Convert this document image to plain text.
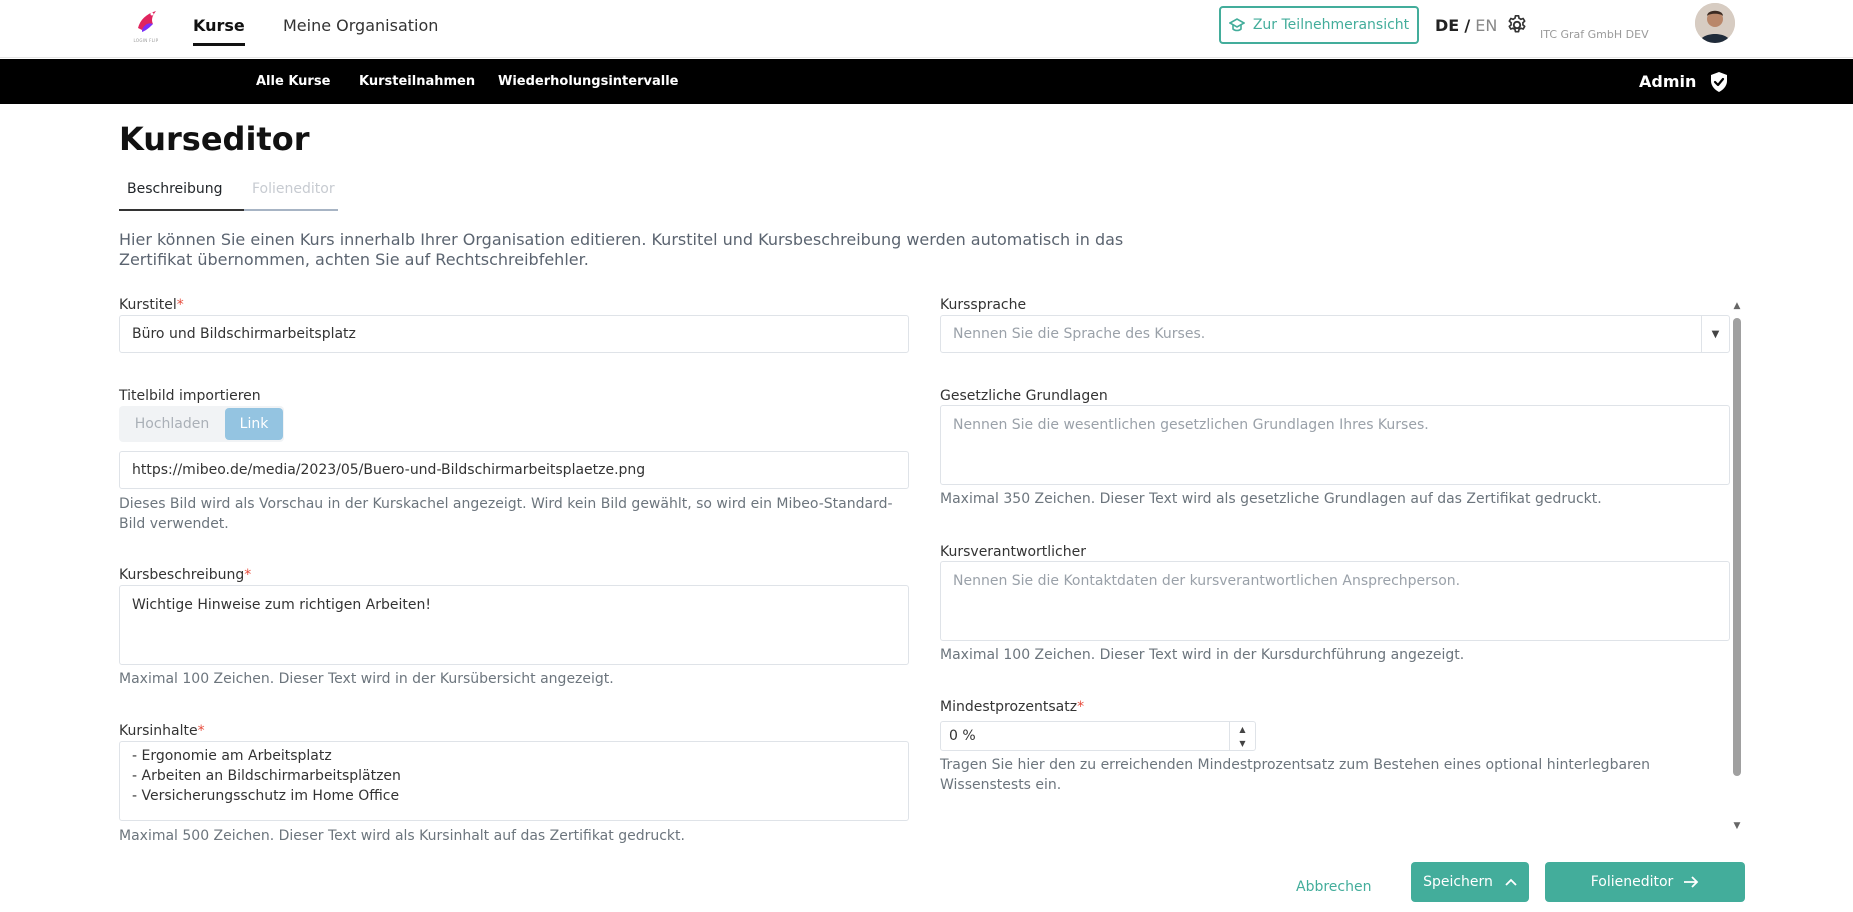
LOGIN FLIP
Kurse Meine Organisation	Zur Teilnehmeransicht DE / EN	ITC Graf GmbH DEV
Alle Kurse Kursteilnahmen Wiederholungsintervalle	Admin
Kurseditor
Beschreibung	Folieneditor

Hier können Sie einen Kurs innerhalb Ihrer Organisation editieren. Kurstitel und Kursbeschreibung werden automatisch in das Zertifikat übernommen, achten Sie auf Rechtschreibfehler.

Kurstitel*
Büro und Bildschirmarbeitsplatz
Titelbild importieren
Hochladen	Link
https://mibeo.de/media/2023/05/Buero-und-Bildschirmarbeitsplaetze.png
Dieses Bild wird als Vorschau in der Kurskachel angezeigt. Wird kein Bild gewählt, so wird ein Mibeo-Standard-Bild verwendet.
Kursbeschreibung*
Wichtige Hinweise zum richtigen Arbeiten!
Maximal 100 Zeichen. Dieser Text wird in der Kursübersicht angezeigt.
Kursinhalte*
- Ergonomie am Arbeitsplatz
- Arbeiten an Bildschirmarbeitsplätzen
- Versicherungsschutz im Home Office
Maximal 500 Zeichen. Dieser Text wird als Kursinhalt auf das Zertifikat gedruckt.
Kurssprache
Nennen Sie die Sprache des Kurses.	▼
Gesetzliche Grundlagen
Nennen Sie die wesentlichen gesetzlichen Grundlagen Ihres Kurses.
Maximal 350 Zeichen. Dieser Text wird als gesetzliche Grundlagen auf das Zertifikat gedruckt.
Kursverantwortlicher
Nennen Sie die Kontaktdaten der kursverantwortlichen Ansprechperson.
Maximal 100 Zeichen. Dieser Text wird in der Kursdurchführung angezeigt.
Mindestprozentsatz*
0 %	▲
▼
Tragen Sie hier den zu erreichenden Mindestprozentsatz zum Bestehen eines optional hinterlegbaren Wissenstests ein.
▲
▼
Abbrechen	Speichern	Folieneditor
